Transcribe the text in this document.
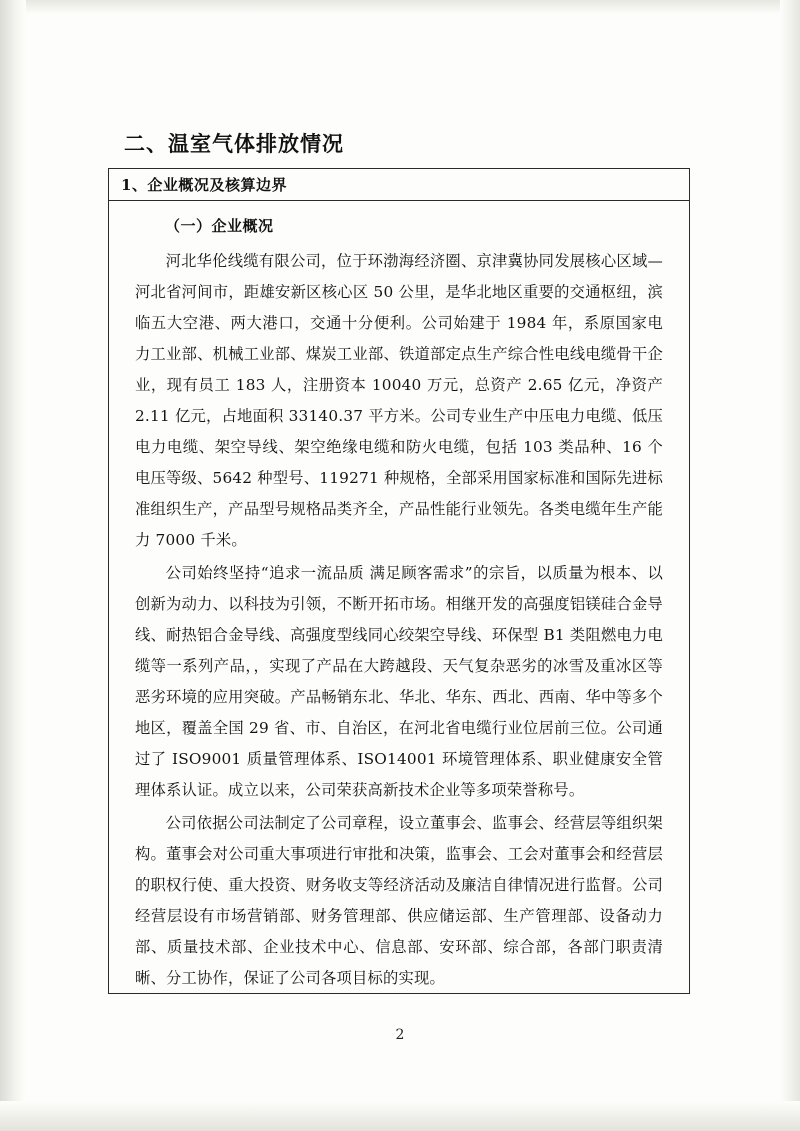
二、温室气体排放情况
1、企业概况及核算边界
（一）企业概况

河北华伦线缆有限公司，位于环渤海经济圈、京津冀协同发展核心区域—河北省河间市，距雄安新区核心区 50 公里，是华北地区重要的交通枢纽，滨临五大空港、两大港口，交通十分便利。公司始建于 1984 年，系原国家电力工业部、机械工业部、煤炭工业部、铁道部定点生产综合性电线电缆骨干企业，现有员工 183 人，注册资本 10040 万元，总资产 2.65 亿元，净资产 2.11 亿元，占地面积 33140.37 平方米。公司专业生产中压电力电缆、低压电力电缆、架空导线、架空绝缘电缆和防火电缆，包括 103 类品种、16 个电压等级、5642 种型号、119271 种规格，全部采用国家标准和国际先进标准组织生产，产品型号规格品类齐全，产品性能行业领先。各类电缆年生产能力 7000 千米。

公司始终坚持“追求一流品质 满足顾客需求”的宗旨，以质量为根本、以创新为动力、以科技为引领，不断开拓市场。相继开发的高强度铝镁硅合金导线、耐热铝合金导线、高强度型线同心绞架空导线、环保型 B1 类阻燃电力电缆等一系列产品，，实现了产品在大跨越段、天气复杂恶劣的冰雪及重冰区等恶劣环境的应用突破。产品畅销东北、华北、华东、西北、西南、华中等多个地区，覆盖全国 29 省、市、自治区，在河北省电缆行业位居前三位。公司通过了 ISO9001 质量管理体系、ISO14001 环境管理体系、职业健康安全管理体系认证。成立以来，公司荣获高新技术企业等多项荣誉称号。

公司依据公司法制定了公司章程，设立董事会、监事会、经营层等组织架构。董事会对公司重大事项进行审批和决策，监事会、工会对董事会和经营层的职权行使、重大投资、财务收支等经济活动及廉洁自律情况进行监督。公司经营层设有市场营销部、财务管理部、供应储运部、生产管理部、设备动力部、质量技术部、企业技术中心、信息部、安环部、综合部，各部门职责清晰、分工协作，保证了公司各项目标的实现。

2
